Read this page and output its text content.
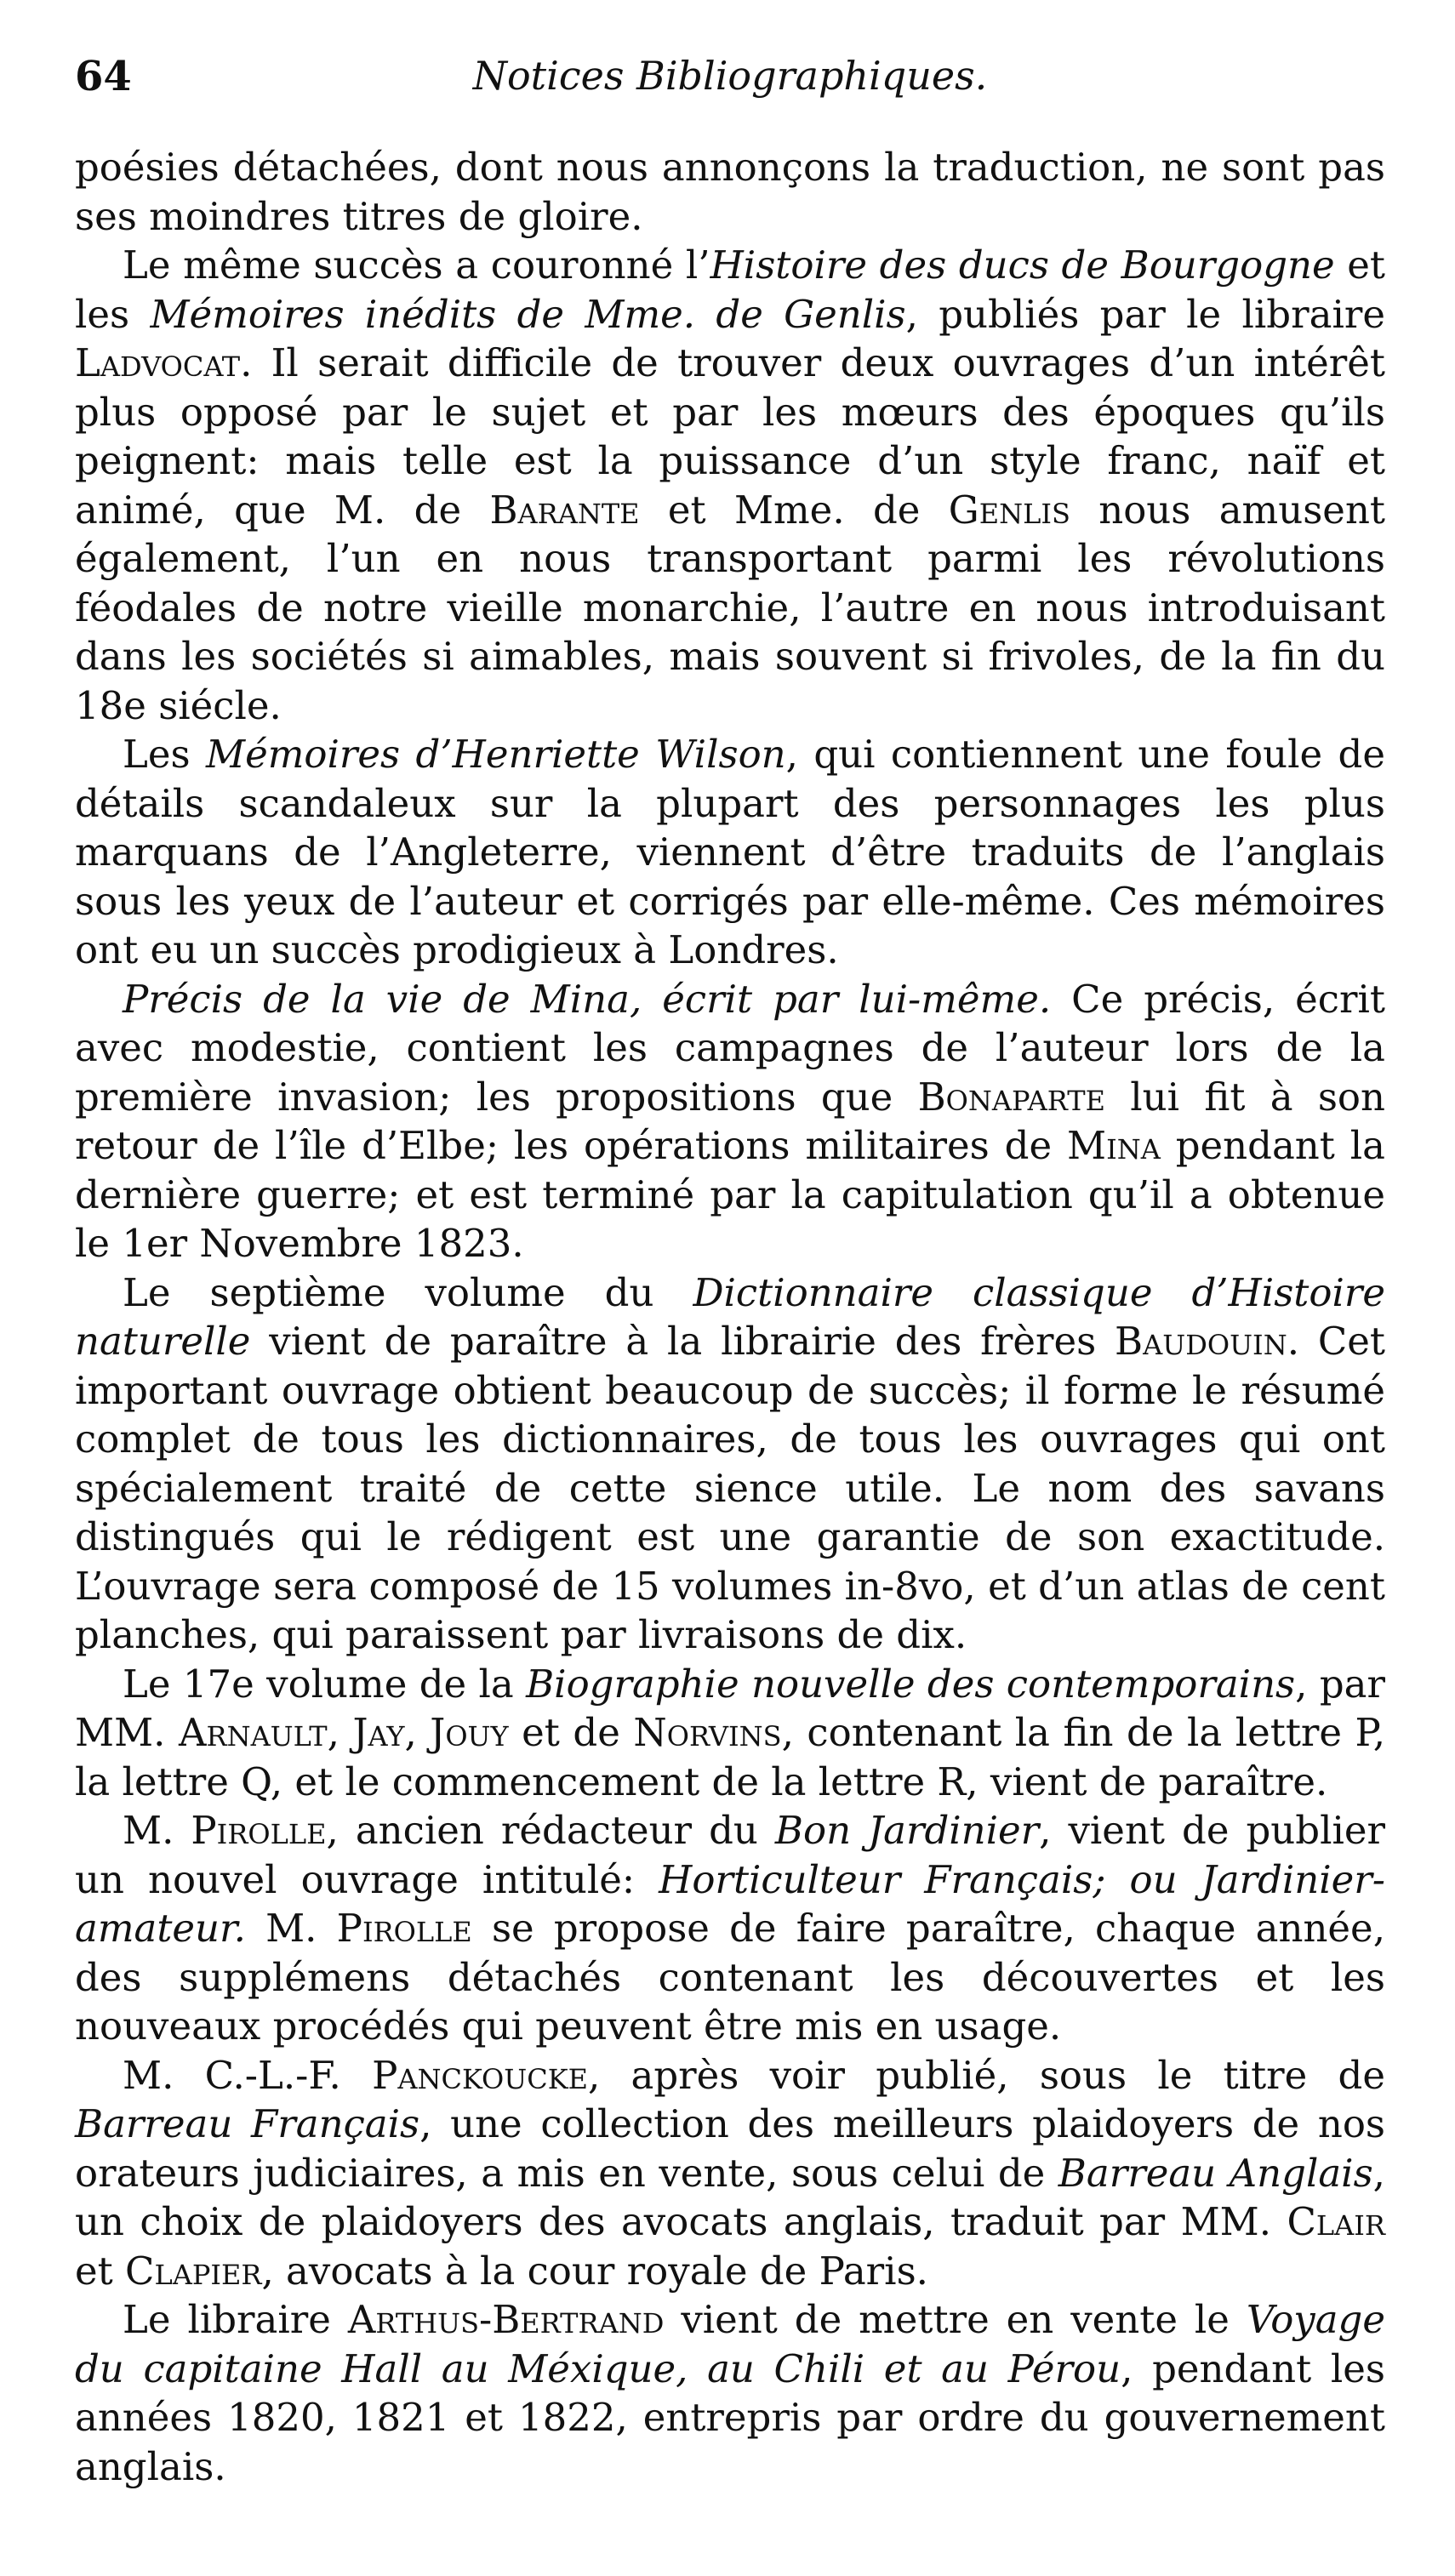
Notices Bibliographiques.
64

poésies détachées, dont nous annonçons la traduction, ne sont pas ses moindres titres de gloire.

Le même succès a couronné l’Histoire des ducs de Bourgogne et les Mémoires inédits de Mme. de Genlis, publiés par le libraire Ladvocat. Il serait difficile de trouver deux ouvrages d’un intérêt plus opposé par le sujet et par les mœurs des époques qu’ils peignent: mais telle est la puissance d’un style franc, naïf et animé, que M. de Barante et Mme. de Genlis nous amusent également, l’un en nous transportant parmi les révolutions féodales de notre vieille monarchie, l’autre en nous introduisant dans les sociétés si aimables, mais souvent si frivoles, de la fin du 18e siécle.

Les Mémoires d’Henriette Wilson, qui contiennent une foule de détails scandaleux sur la plupart des personnages les plus marquans de l’Angleterre, viennent d’être traduits de l’anglais sous les yeux de l’auteur et corrigés par elle-même. Ces mémoires ont eu un succès prodigieux à Londres.

Précis de la vie de Mina, écrit par lui-même. Ce précis, écrit avec modestie, contient les campagnes de l’auteur lors de la première invasion; les propositions que Bonaparte lui fit à son retour de l’île d’Elbe; les opérations militaires de Mina pendant la dernière guerre; et est terminé par la capitulation qu’il a obtenue le 1er Novembre 1823.

Le septième volume du Dictionnaire classique d’Histoire naturelle vient de paraître à la librairie des frères Baudouin. Cet important ouvrage obtient beaucoup de succès; il forme le résumé complet de tous les dictionnaires, de tous les ouvrages qui ont spécialement traité de cette sience utile. Le nom des savans distingués qui le rédigent est une garantie de son exactitude. L’ouvrage sera composé de 15 volumes in-8vo, et d’un atlas de cent planches, qui paraissent par livraisons de dix.

Le 17e volume de la Biographie nouvelle des contemporains, par MM. Arnault, Jay, Jouy et de Norvins, contenant la fin de la lettre P, la lettre Q, et le commencement de la lettre R, vient de paraître.

M. Pirolle, ancien rédacteur du Bon Jardinier, vient de publier un nouvel ouvrage intitulé: Horticulteur Français; ou Jardinier-amateur. M. Pirolle se propose de faire paraître, chaque année, des supplémens détachés contenant les découvertes et les nouveaux procédés qui peuvent être mis en usage.

M. C.-L.-F. Panckoucke, après voir publié, sous le titre de Barreau Français, une collection des meilleurs plaidoyers de nos orateurs judiciaires, a mis en vente, sous celui de Barreau Anglais, un choix de plaidoyers des avocats anglais, traduit par MM. Clair et Clapier, avocats à la cour royale de Paris.

Le libraire Arthus-Bertrand vient de mettre en vente le Voyage du capitaine Hall au Méxique, au Chili et au Pérou, pendant les années 1820, 1821 et 1822, entrepris par ordre du gouvernement anglais.
